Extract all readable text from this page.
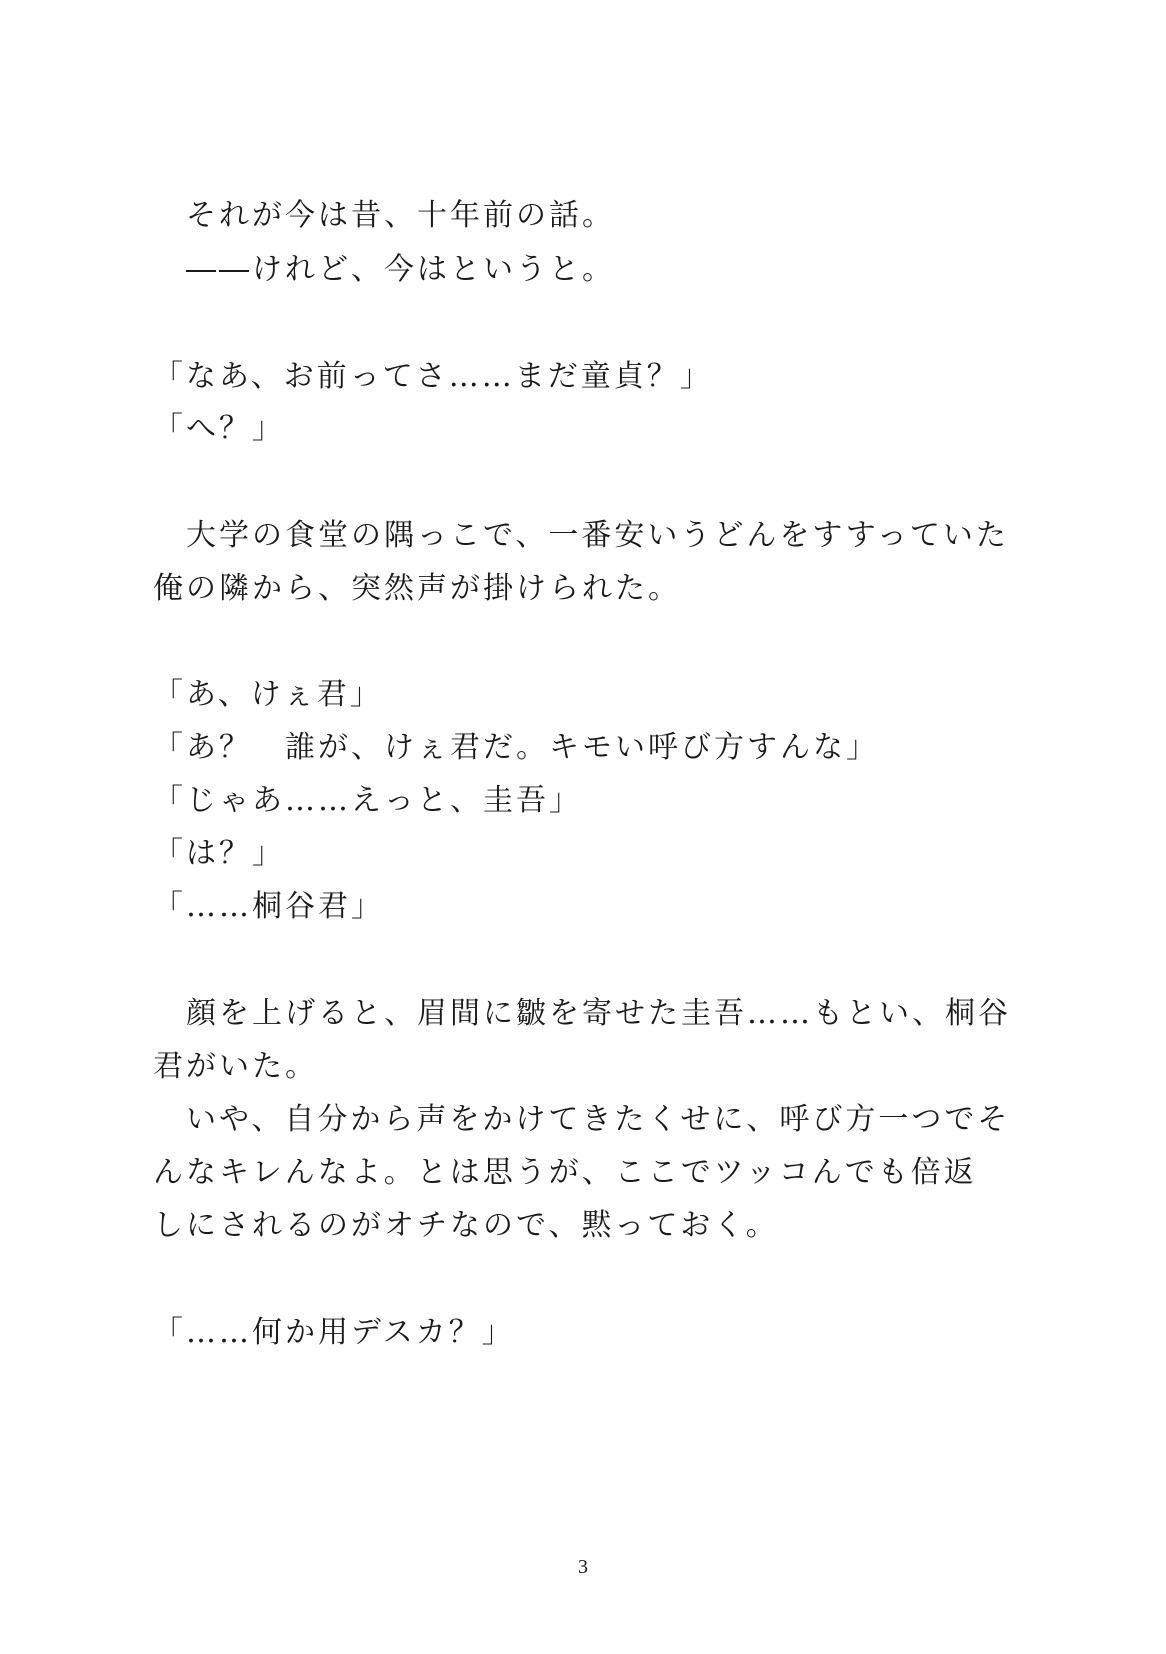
　それが今は昔、十年前の話。
　――けれど、今はというと。
「なあ、お前ってさ……まだ童貞？」
「へ？」
　大学の食堂の隅っこで、一番安いうどんをすすっていた
俺の隣から、突然声が掛けられた。
「あ、けぇ君」
「あ？　誰が、けぇ君だ。キモい呼び方すんな」
「じゃあ……えっと、圭吾」
「は？」
「……桐谷君」
　顔を上げると、眉間に皺を寄せた圭吾……もとい、桐谷
君がいた。
　いや、自分から声をかけてきたくせに、呼び方一つでそ
んなキレんなよ。とは思うが、ここでツッコんでも倍返
しにされるのがオチなので、黙っておく。
「……何か用デスカ？」
3
